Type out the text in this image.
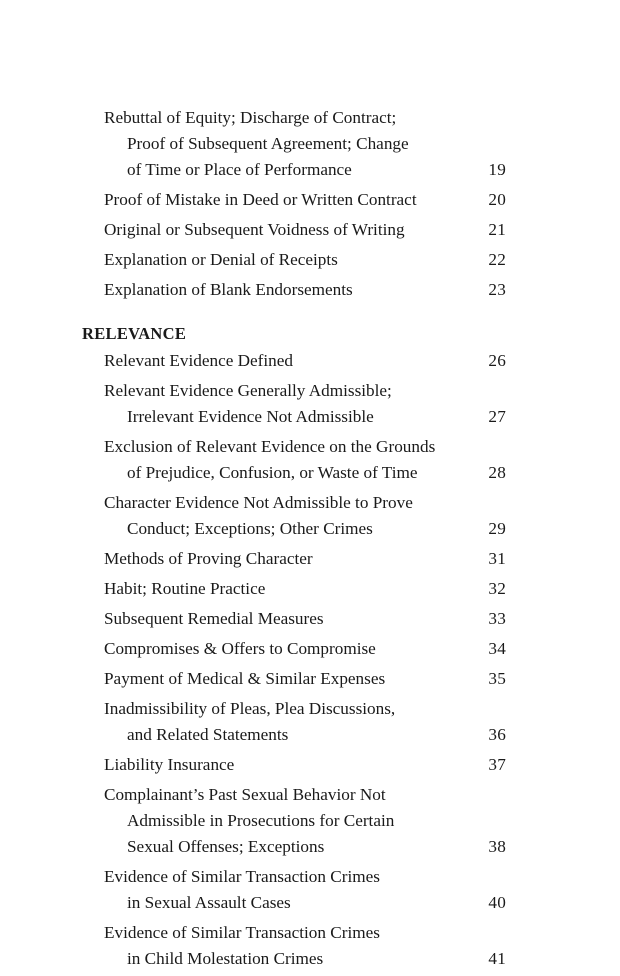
Rebuttal of Equity; Discharge of Contract;
Proof of Subsequent Agreement; Change
of Time or Place of Performance	19
Proof of Mistake in Deed or Written Contract	20
Original or Subsequent Voidness of Writing	21
Explanation or Denial of Receipts	22
Explanation of Blank Endorsements	23
RELEVANCE
Relevant Evidence Defined	26
Relevant Evidence Generally Admissible;
Irrelevant Evidence Not Admissible	27
Exclusion of Relevant Evidence on the Grounds
of Prejudice, Confusion, or Waste of Time	28
Character Evidence Not Admissible to Prove
Conduct; Exceptions; Other Crimes	29
Methods of Proving Character	31
Habit; Routine Practice	32
Subsequent Remedial Measures	33
Compromises & Offers to Compromise	34
Payment of Medical & Similar Expenses	35
Inadmissibility of Pleas, Plea Discussions,
and Related Statements	36
Liability Insurance	37
Complainant’s Past Sexual Behavior Not
Admissible in Prosecutions for Certain
Sexual Offenses; Exceptions	38
Evidence of Similar Transaction Crimes
in Sexual Assault Cases	40
Evidence of Similar Transaction Crimes
in Child Molestation Crimes	41
